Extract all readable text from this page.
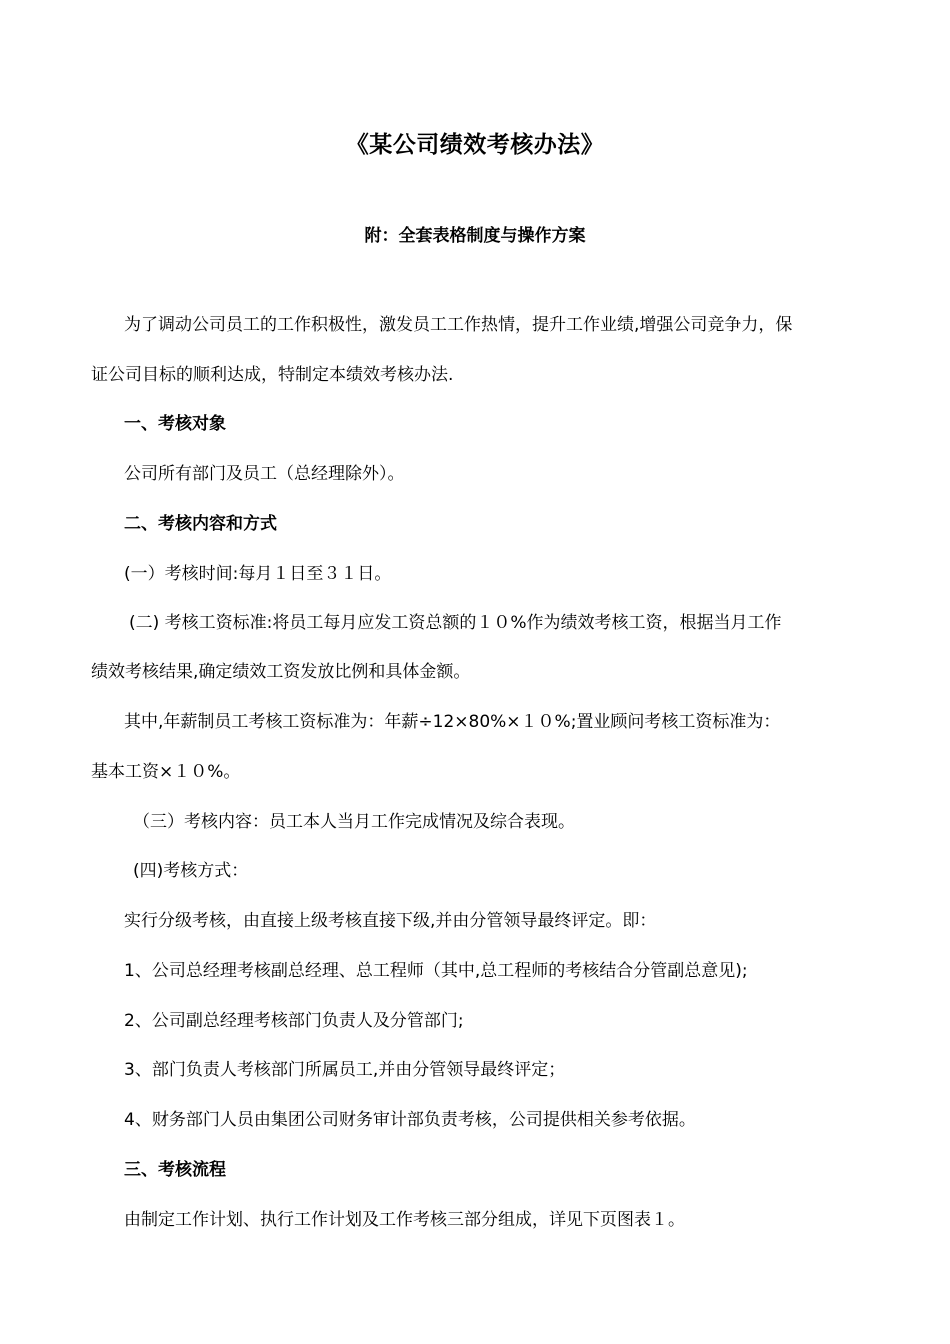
《某公司绩效考核办法》
附：全套表格制度与操作方案
为了调动公司员工的工作积极性，激发员工工作热情，提升工作业绩,增强公司竞争力，保
证公司目标的顺利达成，特制定本绩效考核办法.
一、考核对象
公司所有部门及员工（总经理除外）。
二、考核内容和方式
(一）考核时间:每月１日至３１日。
(二) 考核工资标准:将员工每月应发工资总额的１０%作为绩效考核工资，根据当月工作
绩效考核结果,确定绩效工资发放比例和具体金额。
其中,年薪制员工考核工资标准为：年薪÷12×80%×１０%;置业顾问考核工资标准为：
基本工资×１０%。
（三）考核内容：员工本人当月工作完成情况及综合表现。
(四)考核方式：
实行分级考核，由直接上级考核直接下级,并由分管领导最终评定。即：
1、公司总经理考核副总经理、总工程师（其中,总工程师的考核结合分管副总意见);
2、公司副总经理考核部门负责人及分管部门;
3、部门负责人考核部门所属员工,并由分管领导最终评定；
4、财务部门人员由集团公司财务审计部负责考核，公司提供相关参考依据。
三、考核流程
由制定工作计划、执行工作计划及工作考核三部分组成，详见下页图表１。
